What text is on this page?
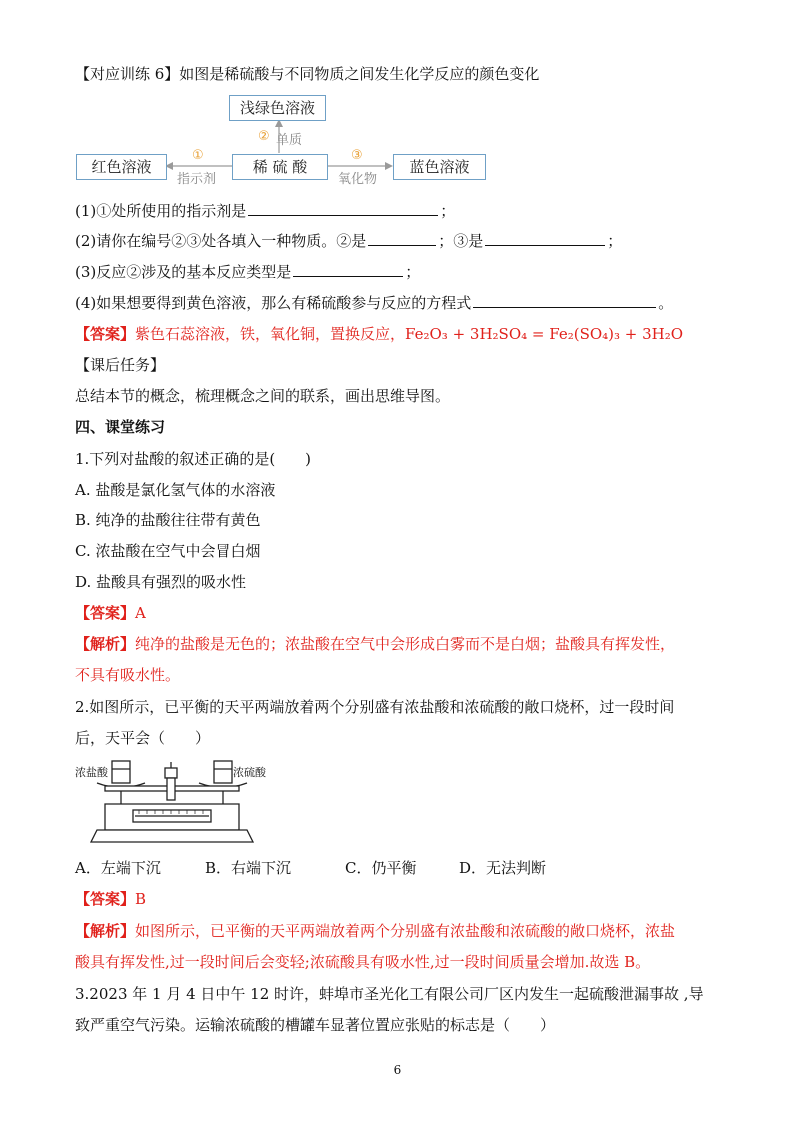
【对应训练 6】如图是稀硫酸与不同物质之间发生化学反应的颜色变化
浅绿色溶液
稀 硫 酸
红色溶液	蓝色溶液
② 单质
①
指示剂
③
氧化物
(1)①处所使用的指示剂是	；
(2)请你在编号②③处各填入一种物质。②是	；③是	；
(3)反应②涉及的基本反应类型是	；
(4)如果想要得到黄色溶液，那么有稀硫酸参与反应的方程式	。
【答案】紫色石蕊溶液，铁，氧化铜，置换反应，Fe₂O₃ + 3H₂SO₄ = Fe₂(SO₄)₃ + 3H₂O
【课后任务】
总结本节的概念，梳理概念之间的联系，画出思维导图。
四、课堂练习
1.下列对盐酸的叙述正确的是(　　)
A. 盐酸是氯化氢气体的水溶液
B. 纯净的盐酸往往带有黄色
C. 浓盐酸在空气中会冒白烟
D. 盐酸具有强烈的吸水性
【答案】A
【解析】纯净的盐酸是无色的；浓盐酸在空气中会形成白雾而不是白烟；盐酸具有挥发性，
不具有吸水性。
2.如图所示，已平衡的天平两端放着两个分别盛有浓盐酸和浓硫酸的敞口烧杯，过一段时间
后，天平会（　　）
浓盐酸	浓硫酸
A．左端下沉	B．右端下沉	C．仍平衡	D．无法判断
【答案】B
【解析】如图所示，已平衡的天平两端放着两个分别盛有浓盐酸和浓硫酸的敞口烧杯，浓盐
酸具有挥发性,过一段时间后会变轻;浓硫酸具有吸水性,过一段时间质量会增加.故选 B。
3.2023 年 1 月 4 日中午 12 时许，蚌埠市圣光化工有限公司厂区内发生一起硫酸泄漏事故 ,导
致严重空气污染。运输浓硫酸的槽罐车显著位置应张贴的标志是（　　）
6
